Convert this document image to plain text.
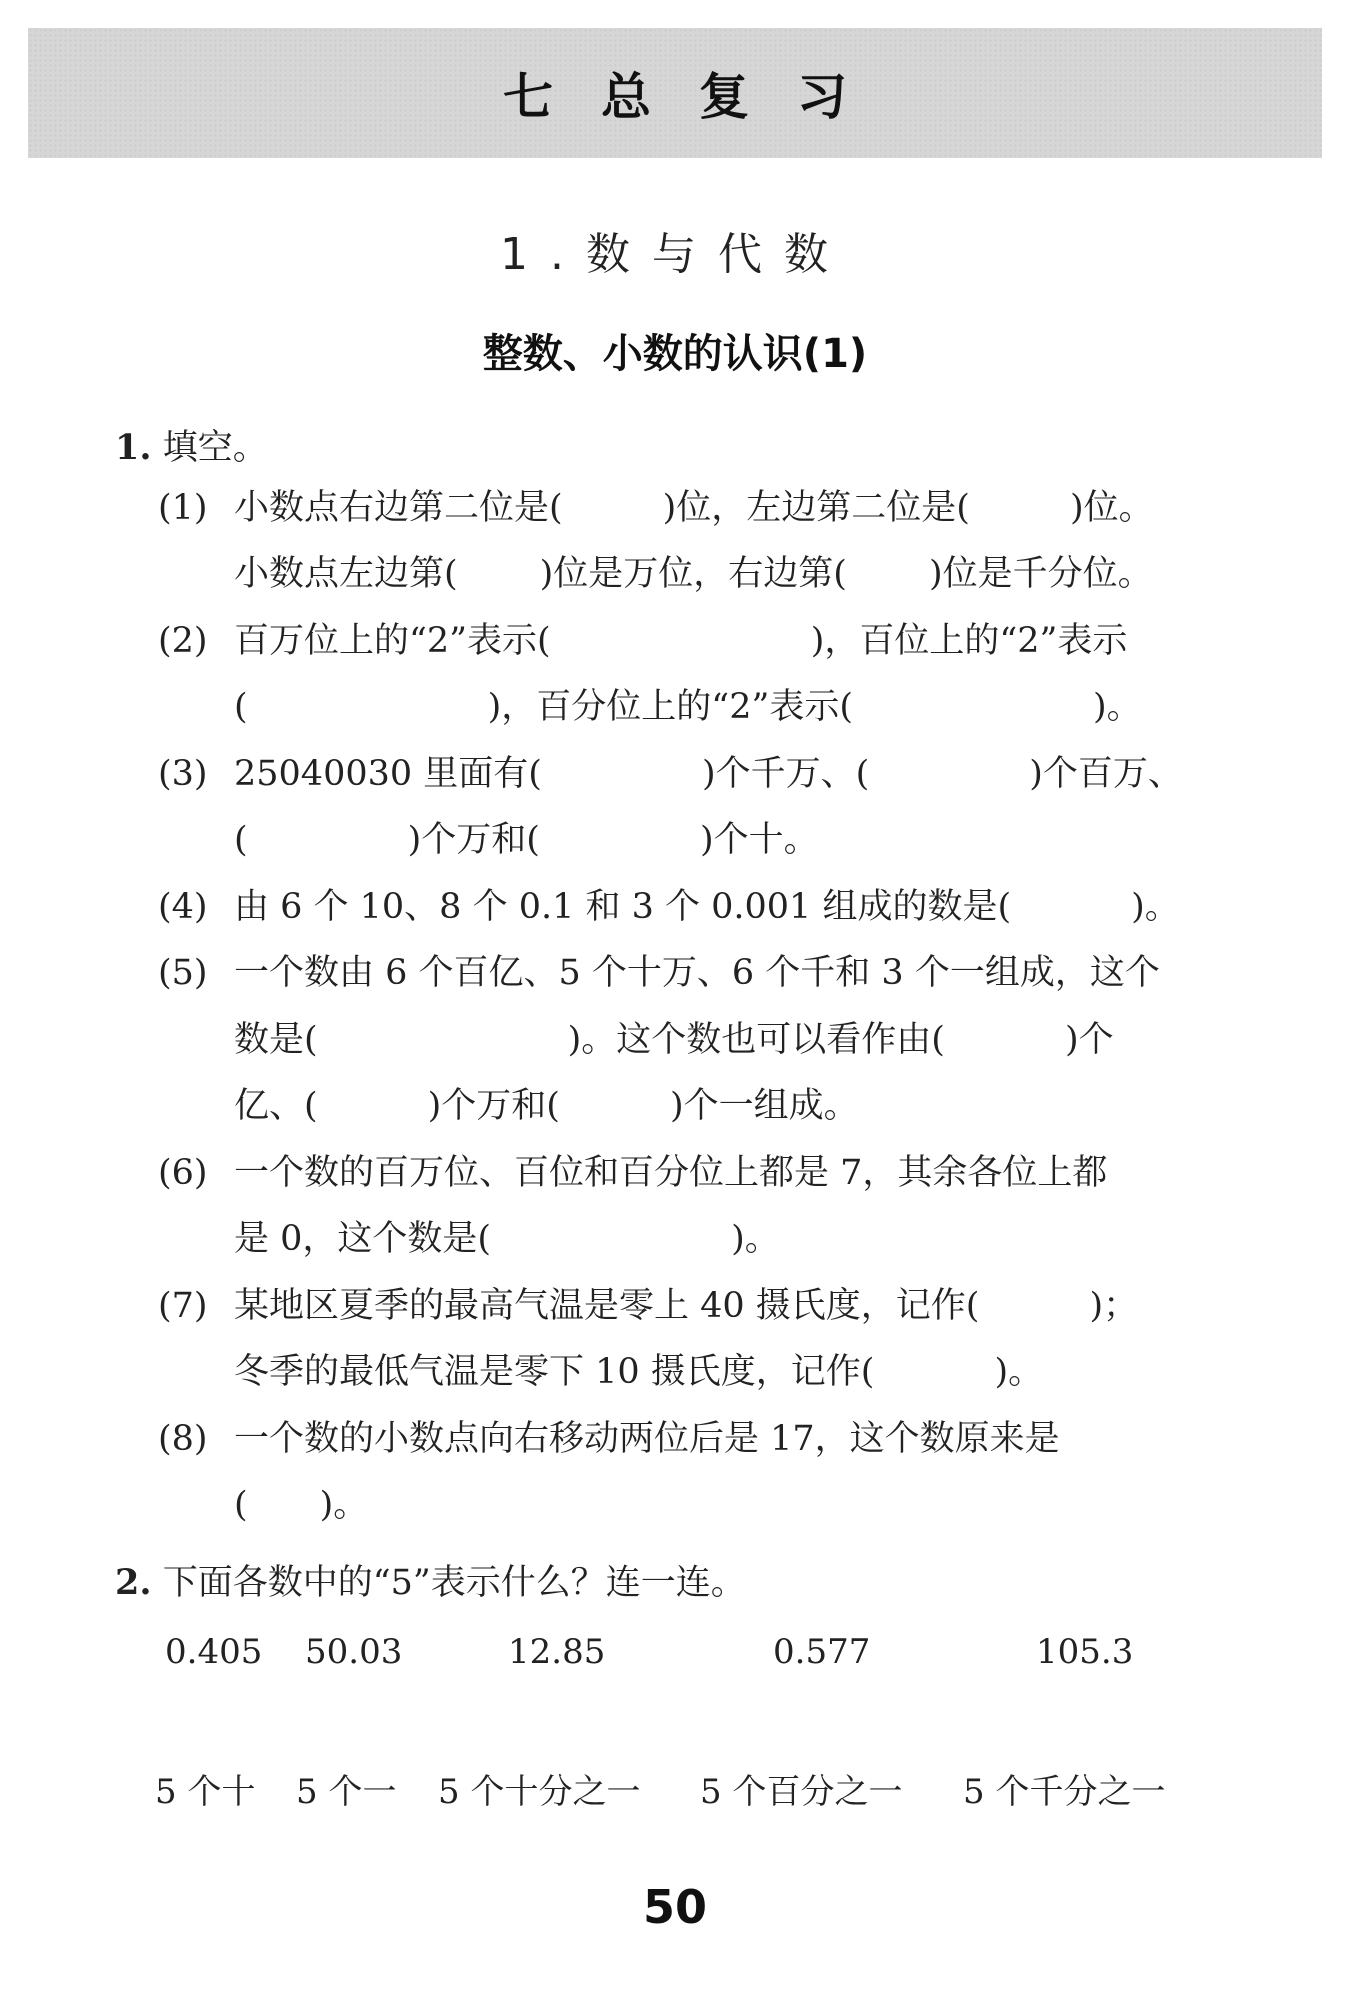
七总复习
1.数与代数
整数、小数的认识(1)
1. 填空。
(1) 小数点右边第二位是(	)位，左边第二位是(	)位。
小数点左边第( )位是万位，右边第( )位是千分位。
(2) 百万位上的“2”表示(	)，百位上的“2”表示
(	)，百分位上的“2”表示(	)。
(3) 25040030 里面有(	)个千万、(	)个百万、
(	)个万和(	)个十。
(4) 由 6 个 10、8 个 0.1 和 3 个 0.001 组成的数是(	)。
(5) 一个数由 6 个百亿、5 个十万、6 个千和 3 个一组成，这个
数是(	)。这个数也可以看作由(	)个
亿、(	)个万和(	)个一组成。
(6) 一个数的百万位、百位和百分位上都是 7，其余各位上都
是 0，这个数是(	)。
(7) 某地区夏季的最高气温是零上 40 摄氏度，记作(	)；
冬季的最低气温是零下 10 摄氏度，记作(	)。
(8) 一个数的小数点向右移动两位后是 17，这个数原来是
( )。
2. 下面各数中的“5”表示什么？连一连。
0.405 50.03	12.85	0.577	105.3
5 个十 5 个一 5 个十分之一 5 个百分之一 5 个千分之一
50
